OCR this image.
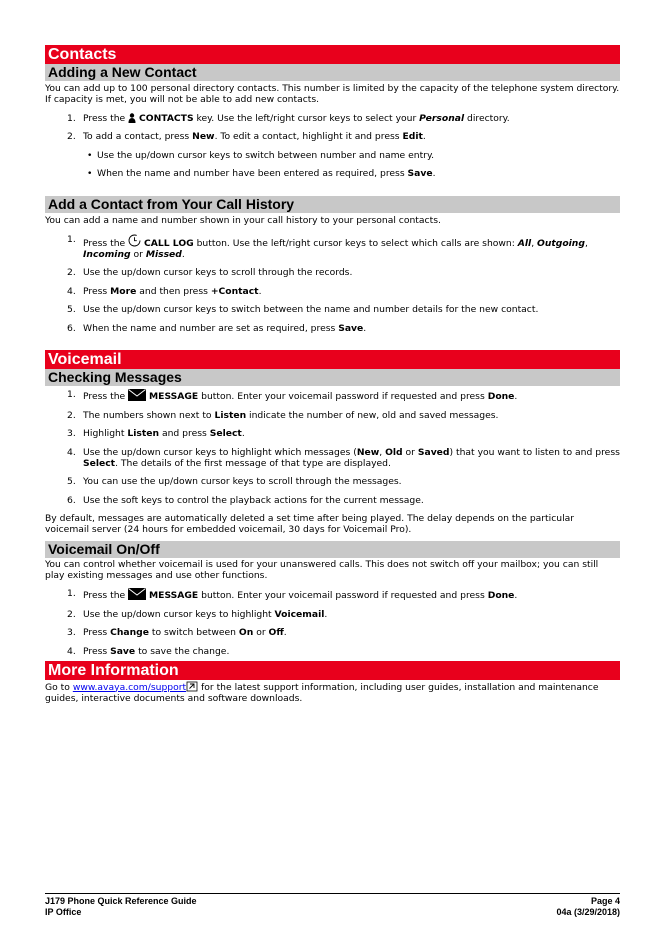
Contacts
Adding a New Contact

You can add up to 100 personal directory contacts. This number is limited by the capacity of the telephone system directory. If capacity is met, you will not be able to add new contacts.

1. Press the  CONTACTS key. Use the left/right cursor keys to select your Personal directory.
2. To add a contact, press New. To edit a contact, highlight it and press Edit.
• Use the up/down cursor keys to switch between number and name entry.
• When the name and number have been entered as required, press Save.
Add a Contact from Your Call History

You can add a name and number shown in your call history to your personal contacts.

1. Press the  CALL LOG button. Use the left/right cursor keys to select which calls are shown: All, Outgoing, Incoming or Missed.
2. Use the up/down cursor keys to scroll through the records.
4. Press More and then press +Contact.
5. Use the up/down cursor keys to switch between the name and number details for the new contact.
6. When the name and number are set as required, press Save.
Voicemail
Checking Messages
1. Press the  MESSAGE button. Enter your voicemail password if requested and press Done.
2. The numbers shown next to Listen indicate the number of new, old and saved messages.
3. Highlight Listen and press Select.
4. Use the up/down cursor keys to highlight which messages (New, Old or Saved) that you want to listen to and press Select. The details of the first message of that type are displayed.
5. You can use the up/down cursor keys to scroll through the messages.
6. Use the soft keys to control the playback actions for the current message.

By default, messages are automatically deleted a set time after being played. The delay depends on the particular voicemail server (24 hours for embedded voicemail, 30 days for Voicemail Pro).

Voicemail On/Off

You can control whether voicemail is used for your unanswered calls. This does not switch off your mailbox; you can still play existing messages and use other functions.

1. Press the  MESSAGE button. Enter your voicemail password if requested and press Done.
2. Use the up/down cursor keys to highlight Voicemail.
3. Press Change to switch between On or Off.
4. Press Save to save the change.
More Information

Go to www.avaya.com/support for the latest support information, including user guides, installation and maintenance guides, interactive documents and software downloads.

J179 Phone Quick Reference Guide	Page 4
IP Office	04a (3/29/2018)
